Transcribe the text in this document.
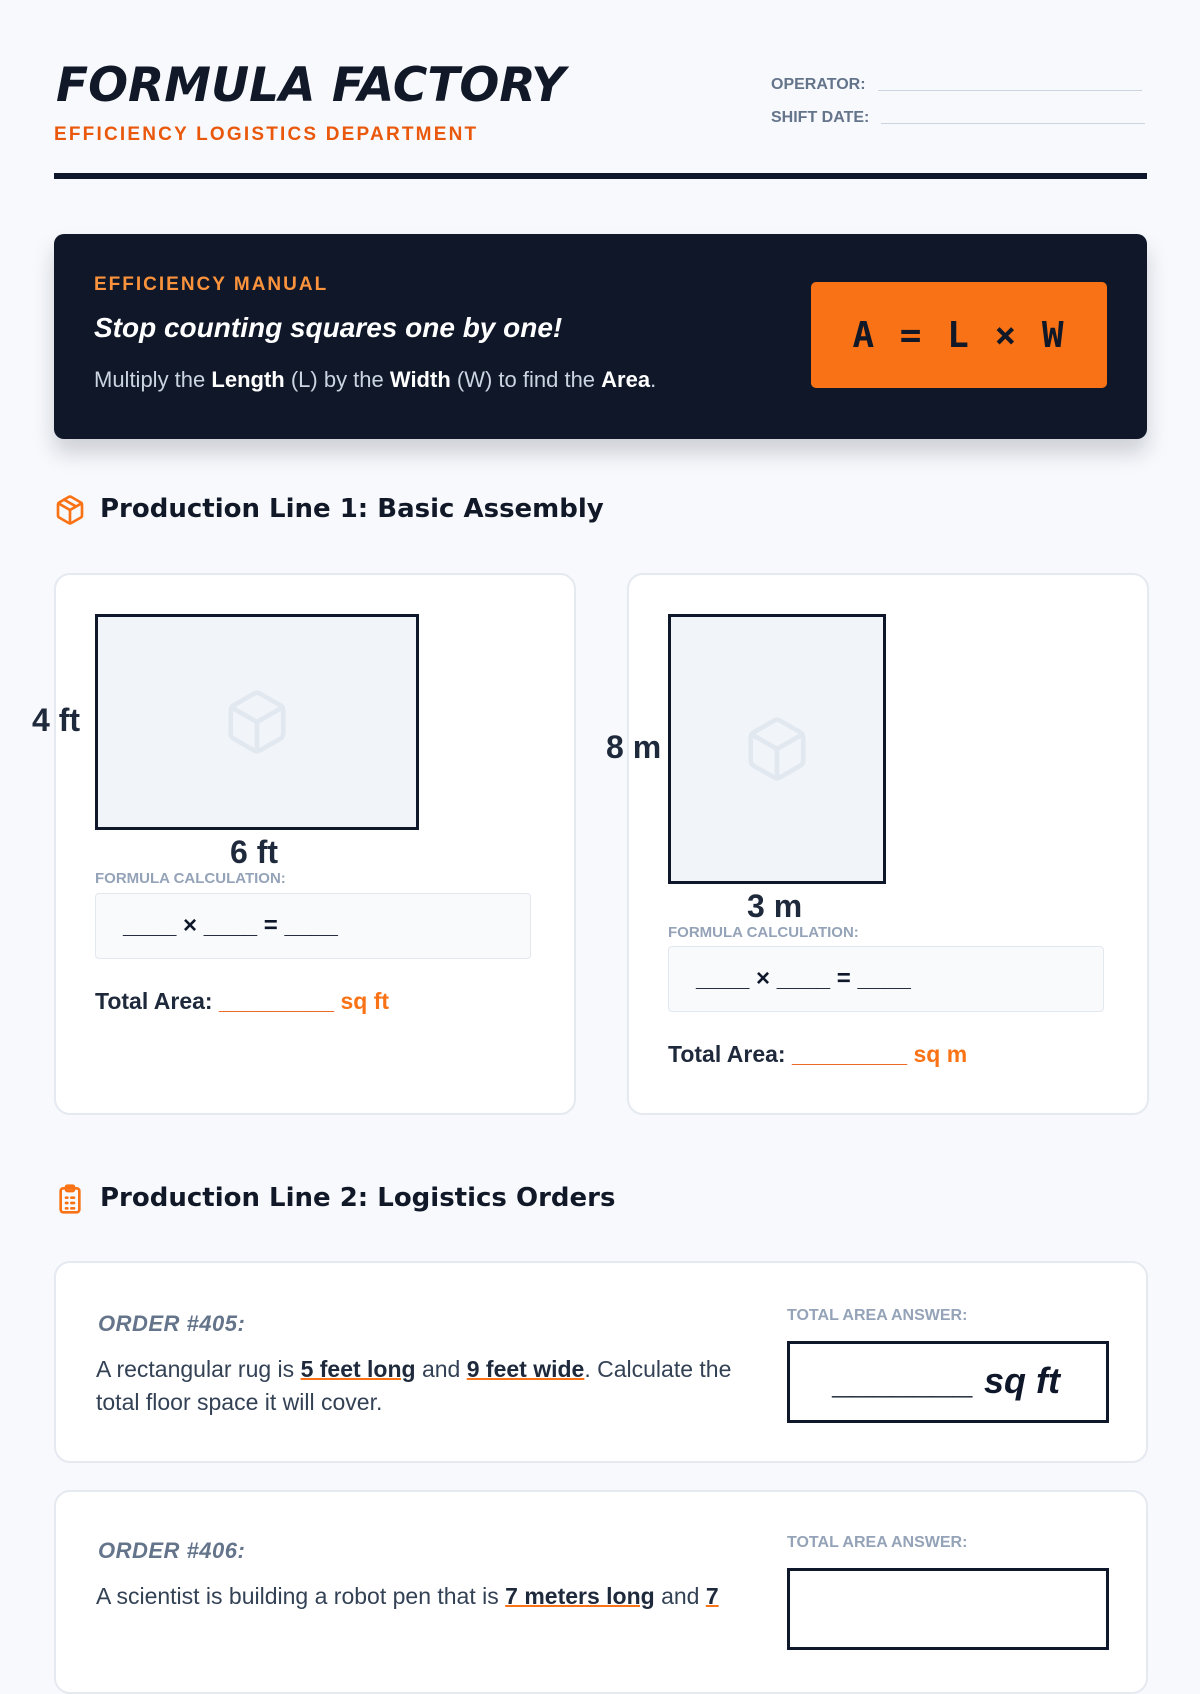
FORMULA FACTORY
EFFICIENCY LOGISTICS DEPARTMENT
OPERATOR:
SHIFT DATE:
EFFICIENCY MANUAL
Stop counting squares one by one!
Multiply the Length (L) by the Width (W) to find the Area.
A = L × W
Production Line 1: Basic Assembly
4 ft
6 ft
FORMULA CALCULATION:
____ × ____ = ____
Total Area: _________ sq ft
8 m
3 m
FORMULA CALCULATION:
____ × ____ = ____
Total Area: _________ sq m
Production Line 2: Logistics Orders
ORDER #405:
A rectangular rug is 5 feet long and 9 feet wide. Calculate the total floor space it will cover.
TOTAL AREA ANSWER:
_______ sq ft
ORDER #406:
A scientist is building a robot pen that is 7 meters long and 7
TOTAL AREA ANSWER:
